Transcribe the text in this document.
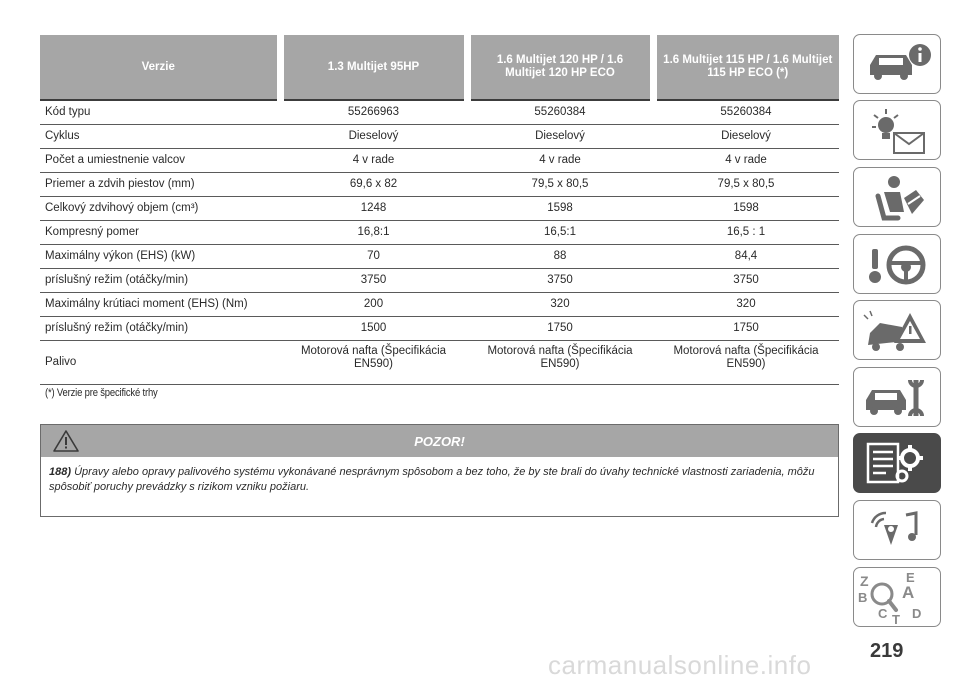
Verzie	1.3 Multijet 95HP	1.6 Multijet 120 HP / 1.6 Multijet 120 HP ECO	1.6 Multijet 115 HP / 1.6 Multijet 115 HP ECO (*)
Kód typu	55266963	55260384	55260384
Cyklus	Dieselový	Dieselový	Dieselový
Počet a umiestnenie valcov	4 v rade	4 v rade	4 v rade
Priemer a zdvih piestov (mm)	69,6 x 82	79,5 x 80,5	79,5 x 80,5
Celkový zdvihový objem (cm³)	1248	1598	1598
Kompresný pomer	16,8:1	16,5:1	16,5 : 1
Maximálny výkon (EHS) (kW)	70	88	84,4
príslušný režim (otáčky/min)	3750	3750	3750
Maximálny krútiaci moment (EHS) (Nm)	200	320	320
príslušný režim (otáčky/min)	1500	1750	1750
Palivo	Motorová nafta (Špecifikácia EN590)	Motorová nafta (Špecifikácia EN590)	Motorová nafta (Špecifikácia EN590)
(*) Verzie pre špecifické trhy
POZOR!
188) Úpravy alebo opravy palivového systému vykonávané nesprávnym spôsobom a bez toho, že by ste brali do úvahy technické vlastnosti zariadenia, môžu spôsobiť poruchy prevádzky s rizikom vzniku požiaru.
Z	E
A
B
C T D
219
carmanualsonline.info
